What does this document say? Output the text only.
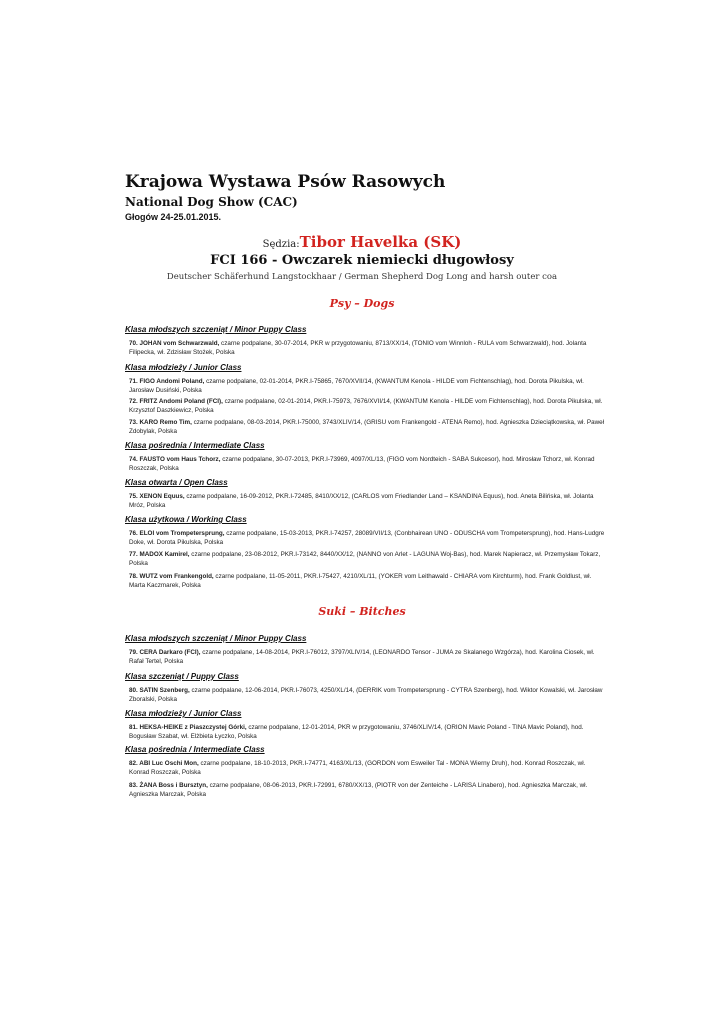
Krajowa Wystawa Psów Rasowych
National Dog Show (CAC)

Głogów 24-25.01.2015.

Sędzia:Tibor Havelka (SK)

FCI 166 - Owczarek niemiecki długowłosy

Deutscher Schäferhund Langstockhaar / German Shepherd Dog Long and harsh outer coa

Psy – Dogs

Klasa młodszych szczeniąt / Minor Puppy Class

70. JOHAN vom Schwarzwald, czarne podpalane, 30-07-2014, PKR w przygotowaniu, 8713/XX/14, (TONIO vom Winnloh - RULA vom Schwarzwald), hod. Jolanta Filipecka, wł. Zdzisław Stożek, Polska

Klasa młodzieży / Junior Class

71. FIGO Andomi Poland, czarne podpalane, 02-01-2014, PKR.I-75865, 7670/XVII/14, (KWANTUM Kenola - HILDE vom Fichtenschlag), hod. Dorota Pikulska, wł. Jarosław Dusiński, Polska
72. FRITZ Andomi Poland (FCI), czarne podpalane, 02-01-2014, PKR.I-75973, 7676/XVII/14, (KWANTUM Kenola - HILDE vom Fichtenschlag), hod. Dorota Pikulska, wł. Krzysztof Daszkiewicz, Polska
73. KARO Remo Tim, czarne podpalane, 08-03-2014, PKR.I-75000, 3743/XLIV/14, (GRISU vom Frankengold - ATENA Remo), hod. Agnieszka Dzieciątkowska, wł. Paweł Zdobylak, Polska

Klasa pośrednia / Intermediate Class

74. FAUSTO vom Haus Tchorz, czarne podpalane, 30-07-2013, PKR.I-73969, 4097/XL/13, (FIGO vom Nordteich - SABA Sukcesor), hod. Mirosław Tchorz, wł. Konrad Roszczak, Polska

Klasa otwarta / Open Class

75. XENON Equus, czarne podpalane, 16-09-2012, PKR.I-72485, 8410/XX/12, (CARLOS vom Friedlander Land – KSANDINA Equus), hod. Aneta Bilińska, wł. Jolanta Mróz, Polska

Klasa użytkowa / Working Class

76. ELOI vom Trompetersprung, czarne podpalane, 15-03-2013, PKR.I-74257, 28089/VII/13, (Conbhairean UNO - ODUSCHA vom Trompetersprung), hod. Hans-Ludgre Doke, wł. Dorota Pikulska, Polska
77. MADOX Kamirel, czarne podpalane, 23-08-2012, PKR.I-73142, 8440/XX/12, (NANNO von Arlet - LAGUNA Woj-Bas), hod. Marek Napieracz, wł. Przemysław Tokarz, Polska
78. WUTZ vom Frankengold, czarne podpalane, 11-05-2011, PKR.I-75427, 4210/XL/11, (YOKER vom Leithawald - CHIARA vom Kirchturm), hod. Frank Goldlust, wł. Marta Kaczmarek, Polska

Suki – Bitches

Klasa młodszych szczeniąt / Minor Puppy Class

79. CERA Darkaro (FCI), czarne podpalane, 14-08-2014, PKR.I-76012, 3797/XLIV/14, (LEONARDO Tensor - JUMA ze Skalanego Wzgórza), hod. Karolina Ciosek, wł. Rafał Tertel, Polska

Klasa szczeniąt / Puppy Class

80. SATIN Szenberg, czarne podpalane, 12-06-2014, PKR.I-76073, 4250/XL/14, (DERRIK vom Trompetersprung - CYTRA Szenberg), hod. Wiktor Kowalski, wł. Jarosław Zboralski, Polska

Klasa młodzieży / Junior Class

81. HEKSA-HEIKE z Piaszczystej Górki, czarne podpalane, 12-01-2014, PKR w przygotowaniu, 3746/XLIV/14, (ORION Mavic Poland - TINA Mavic Poland), hod. Bogusław Szabat, wł. Elżbieta Łyczko, Polska

Klasa pośrednia / Intermediate Class

82. ABI Luc Oschi Mon, czarne podpalane, 18-10-2013, PKR.I-74771, 4163/XL/13, (GORDON vom Esweiler Tal - MONA Wierny Druh), hod. Konrad Roszczak, wł. Konrad Roszczak, Polska
83. ŻANA Boss i Bursztyn, czarne podpalane, 08-06-2013, PKR.I-72991, 6780/XX/13, (PIOTR von der Zenteiche - LARISA Linabero), hod. Agnieszka Marczak, wł. Agnieszka Marczak, Polska
